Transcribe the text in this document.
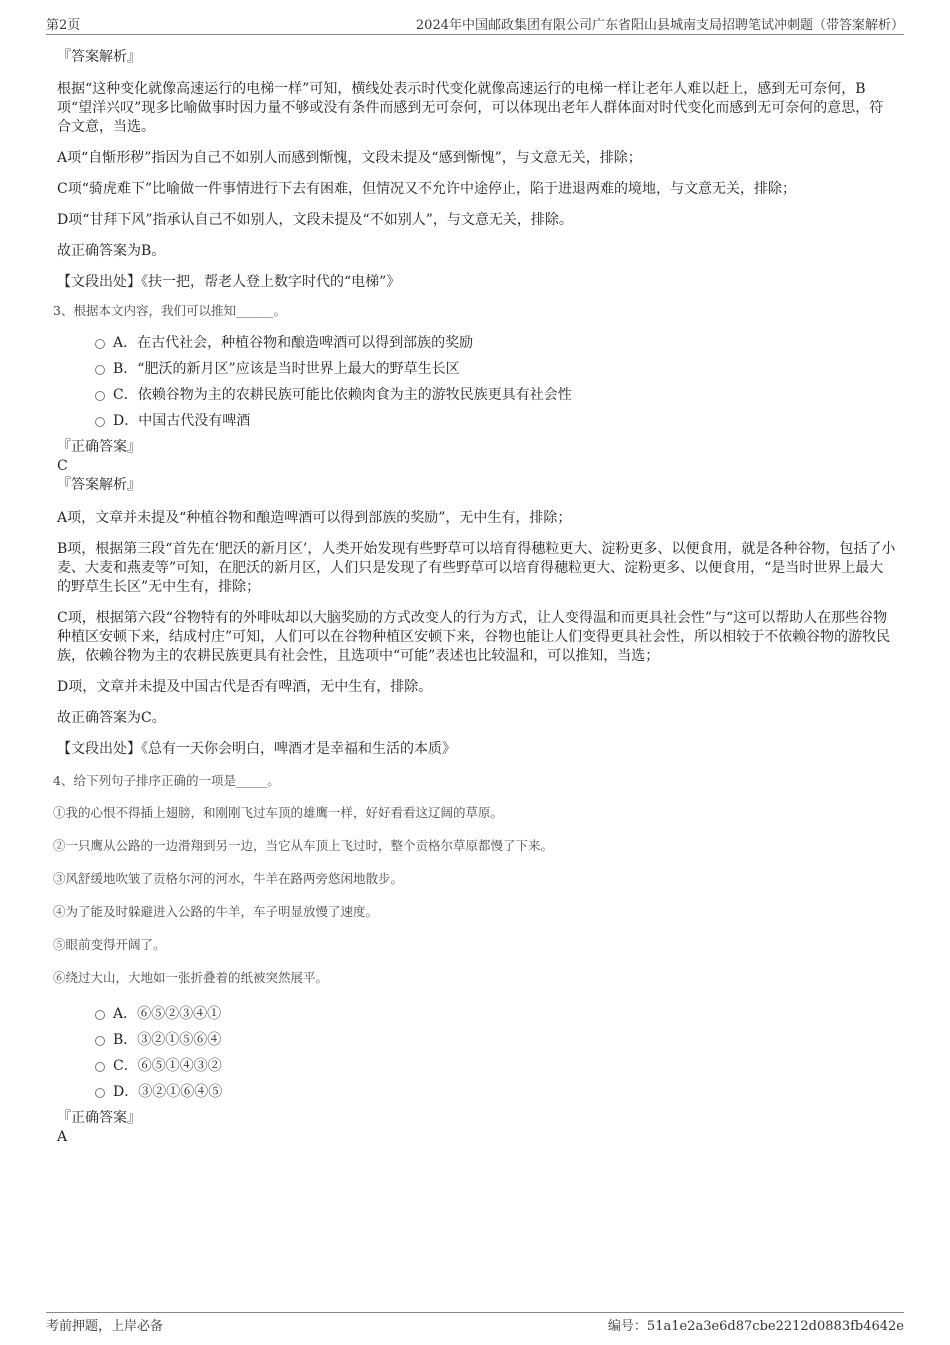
第2页	2024年中国邮政集团有限公司广东省阳山县城南支局招聘笔试冲刺题（带答案解析）

『答案解析』

根据“这种变化就像高速运行的电梯一样”可知，横线处表示时代变化就像高速运行的电梯一样让老年人难以赶上，感到无可奈何，B项“望洋兴叹”现多比喻做事时因力量不够或没有条件而感到无可奈何，可以体现出老年人群体面对时代变化而感到无可奈何的意思，符合文意，当选。

A项“自惭形秽”指因为自己不如别人而感到惭愧，文段未提及“感到惭愧”，与文意无关，排除；

C项“骑虎难下”比喻做一件事情进行下去有困难，但情况又不允许中途停止，陷于进退两难的境地，与文意无关，排除；

D项“甘拜下风”指承认自己不如别人，文段未提及“不如别人”，与文意无关，排除。

故正确答案为B。

【文段出处】《扶一把，帮老人登上数字时代的“电梯”》

3、根据本文内容，我们可以推知______。

A．在古代社会，种植谷物和酿造啤酒可以得到部族的奖励
B．“肥沃的新月区”应该是当时世界上最大的野草生长区
C．依赖谷物为主的农耕民族可能比依赖肉食为主的游牧民族更具有社会性
D．中国古代没有啤酒

『正确答案』

C

『答案解析』

A项，文章并未提及“种植谷物和酿造啤酒可以得到部族的奖励”，无中生有，排除；

B项，根据第三段“首先在‘肥沃的新月区’，人类开始发现有些野草可以培育得穗粒更大、淀粉更多、以便食用，就是各种谷物，包括了小麦、大麦和燕麦等”可知，在肥沃的新月区，人们只是发现了有些野草可以培育得穗粒更大、淀粉更多、以便食用，“是当时世界上最大的野草生长区”无中生有，排除；

C项，根据第六段“谷物特有的外啡呔却以大脑奖励的方式改变人的行为方式，让人变得温和而更具社会性”与“这可以帮助人在那些谷物种植区安顿下来，结成村庄”可知，人们可以在谷物种植区安顿下来，谷物也能让人们变得更具社会性，所以相较于不依赖谷物的游牧民族，依赖谷物为主的农耕民族更具有社会性，且选项中“可能”表述也比较温和，可以推知，当选；

D项，文章并未提及中国古代是否有啤酒，无中生有，排除。

故正确答案为C。

【文段出处】《总有一天你会明白，啤酒才是幸福和生活的本质》

4、给下列句子排序正确的一项是_____。

①我的心恨不得插上翅膀，和刚刚飞过车顶的雄鹰一样，好好看看这辽阔的草原。

②一只鹰从公路的一边滑翔到另一边，当它从车顶上飞过时，整个贡格尔草原都慢了下来。

③风舒缓地吹皱了贡格尔河的河水，牛羊在路两旁悠闲地散步。

④为了能及时躲避进入公路的牛羊，车子明显放慢了速度。

⑤眼前变得开阔了。

⑥绕过大山，大地如一张折叠着的纸被突然展平。

A．⑥⑤②③④①
B．③②①⑤⑥④
C．⑥⑤①④③②
D．③②①⑥④⑤

『正确答案』

A

考前押题，上岸必备	编号：51a1e2a3e6d87cbe2212d0883fb4642e
